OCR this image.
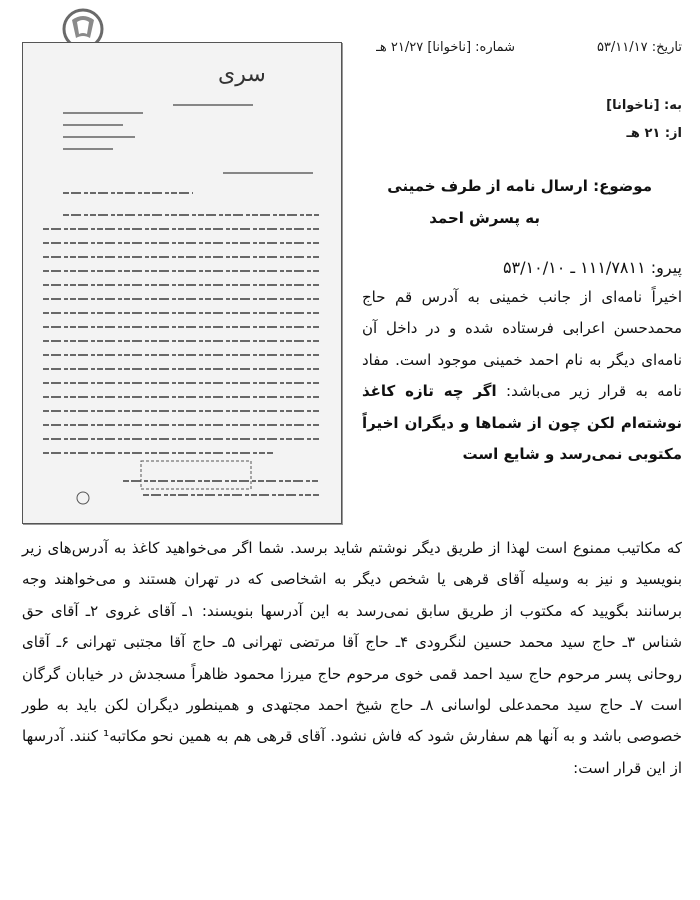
تاریخ: ۵۳/۱۱/۱۷
شماره: [ناخوانا] ۲۱/۲۷ هـ
به: [ناخوانا]
از: ۲۱ هـ
سری
موضوع: ارسال نامه از طرف خمینی
به پسرش احمد
پیرو: ۱۱۱/۷۸۱۱ ـ ۵۳/۱۰/۱۰
اخیراً نامه‌ای از جانب خمینی به آدرس قم حاج محمدحسن اعرابی فرستاده شده و در داخل آن نامه‌ای دیگر به نام احمد خمینی موجود است. مفاد نامه به قرار زیر می‌باشد: اگر چه تازه کاغذ نوشته‌ام لکن چون از شماها و دیگران اخیراً مکتوبی نمی‌رسد و شایع است
که مکاتیب ممنوع است لهذا از طریق دیگر نوشتم شاید برسد. شما اگر می‌خواهید کاغذ به آدرس‌های زیر بنویسید و نیز به وسیله آقای قرهی یا شخص دیگر به اشخاصی که در تهران هستند و می‌خواهند وجه برسانند بگویید که مکتوب از طریق سابق نمی‌رسد به این آدرسها بنویسند: ۱ـ آقای غروی ۲ـ آقای حق شناس ۳ـ حاج سید محمد حسین لنگرودی ۴ـ حاج آقا مرتضی تهرانی ۵ـ حاج آقا مجتبی تهرانی ۶ـ آقای روحانی پسر مرحوم حاج سید احمد قمی خوی مرحوم حاج میرزا محمود ظاهراً مسجدش در خیابان گرگان است ۷ـ حاج سید محمدعلی لواسانی ۸ـ حاج شیخ احمد مجتهدی و همینطور دیگران لکن باید به طور خصوصی باشد و به آنها هم سفارش شود که فاش نشود. آقای قرهی هم به همین نحو مکاتبه¹ کنند. آدرسها از این قرار است:
